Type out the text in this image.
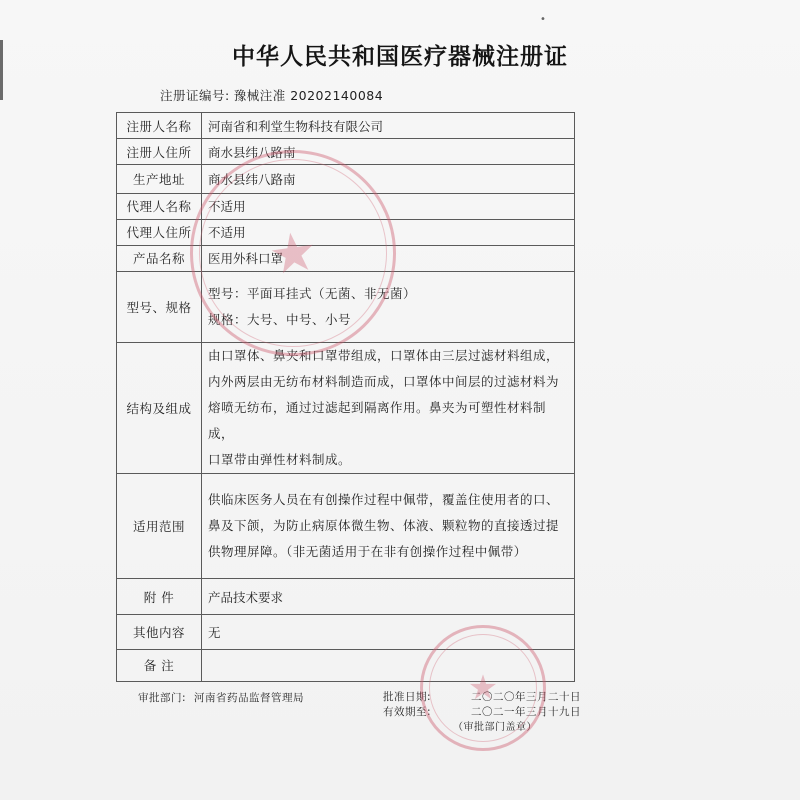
•
中华人民共和国医疗器械注册证
注册证编号: 豫械注准 20202140084
注册人名称	河南省和利堂生物科技有限公司
注册人住所	商水县纬八路南
生产地址	商水县纬八路南
代理人名称	不适用
代理人住所	不适用
产品名称	医用外科口罩
型号、规格	型号：平面耳挂式（无菌、非无菌）

规格：大号、中号、小号

结构及组成	由口罩体、鼻夹和口罩带组成，口罩体由三层过滤材料组成，

内外两层由无纺布材料制造而成，口罩体中间层的过滤材料为

熔喷无纺布，通过过滤起到隔离作用。鼻夹为可塑性材料制成，

口罩带由弹性材料制成。

适用范围	供临床医务人员在有创操作过程中佩带，覆盖住使用者的口、

鼻及下颌，为防止病原体微生物、体液、颗粒物的直接透过提

供物理屏障。（非无菌适用于在非有创操作过程中佩带）

附 件	产品技术要求
其他内容	无
备 注	
审批部门: 河南省药品监督管理局	批准日期:	二〇二〇年三月二十日
有效期至:	二〇二一年三月十九日
（审批部门盖章）
★
★
